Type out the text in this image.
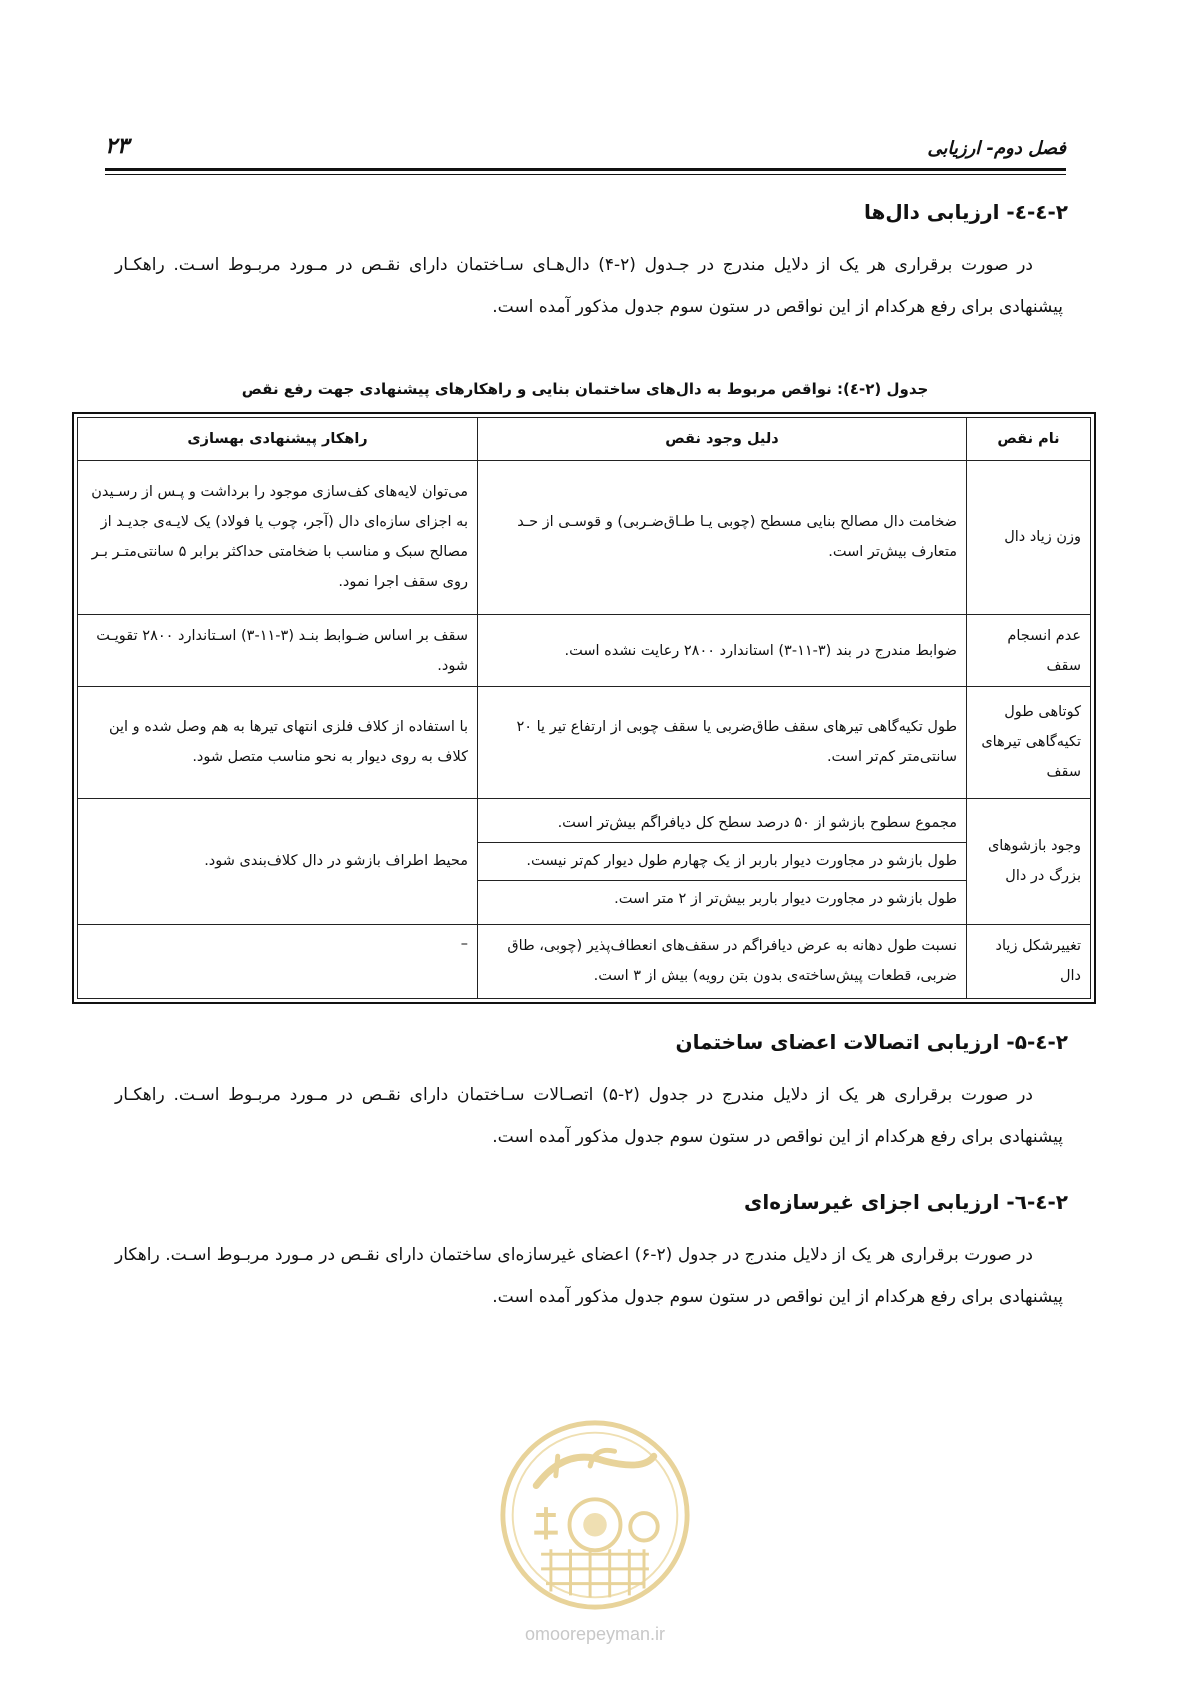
فصل دوم- ارزیابی
۲۳
۲-٤-٤- ارزیابی دال‌ها

در صورت برقراری هر یک از دلایل مندرج در جـدول (۲-۴) دال‌هـای سـاختمان دارای نقـص در مـورد مربـوط اسـت. راهکـار پیشنهادی برای رفع هرکدام از این نواقص در ستون سوم جدول مذکور آمده است.

جدول (۲-٤): نواقص مربوط به دال‌های ساختمان بنایی و راهکارهای پیشنهادی جهت رفع نقص
نام نقص	دلیل وجود نقص	راهکار پیشنهادی بهسازی
وزن زیاد دال	ضخامت دال مصالح بنایی مسطح (چوبی یـا طـاق‌ضـربی) و قوسـی از حـد متعارف بیش‌تر است.	می‌توان لایه‌های کف‌سازی موجود را برداشت و پـس از رسـیدن به اجزای سازه‌ای دال (آجر، چوب یا فولاد) یک لایـه‌ی جدیـد از مصالح سبک و مناسب با ضخامتی حداکثر برابر ۵ سانتی‌متـر بـر روی سقف اجرا نمود.
عدم انسجام سقف	ضوابط مندرج در بند (۳-۱۱-۳) استاندارد ۲۸۰۰ رعایت نشده است.	سقف بر اساس ضـوابط بنـد (۳-۱۱-۳) اسـتاندارد ۲۸۰۰ تقویـت شود.
کوتاهی طول تکیه‌گاهی تیرهای سقف	طول تکیه‌گاهی تیرهای سقف طاق‌ضربی یا سقف چوبی از ارتفاع تیر یا ۲۰ سانتی‌متر کم‌تر است.	با استفاده از کلاف فلزی انتهای تیرها به هم وصل شده و این کلاف به روی دیوار به نحو مناسب متصل شود.
وجود بازشوهای بزرگ در دال	مجموع سطوح بازشو از ۵۰ درصد سطح کل دیافراگم بیش‌تر است.
طول بازشو در مجاورت دیوار باربر از یک چهارم طول دیوار کم‌تر نیست.
طول بازشو در مجاورت دیوار باربر بیش‌تر از ۲ متر است.	محیط اطراف بازشو در دال کلاف‌بندی شود.
تغییرشکل زیاد دال	نسبت طول دهانه به عرض دیافراگم در سقف‌های انعطاف‌پذیر (چوبی، طاق ضربی، قطعات پیش‌ساخته‌ی بدون بتن رویه) بیش از ۳ است.	–
۲-٤-۵- ارزیابی اتصالات اعضای ساختمان

در صورت برقراری هر یک از دلایل مندرج در جدول (۲-۵) اتصـالات سـاختمان دارای نقـص در مـورد مربـوط اسـت. راهکـار پیشنهادی برای رفع هرکدام از این نواقص در ستون سوم جدول مذکور آمده است.

۲-٤-٦- ارزیابی اجزای غیرسازه‌ای

در صورت برقراری هر یک از دلایل مندرج در جدول (۲-۶) اعضای غیرسازه‌ای ساختمان دارای نقـص در مـورد مربـوط اسـت. راهکار پیشنهادی برای رفع هرکدام از این نواقص در ستون سوم جدول مذکور آمده است.

omoorepeyman.ir
